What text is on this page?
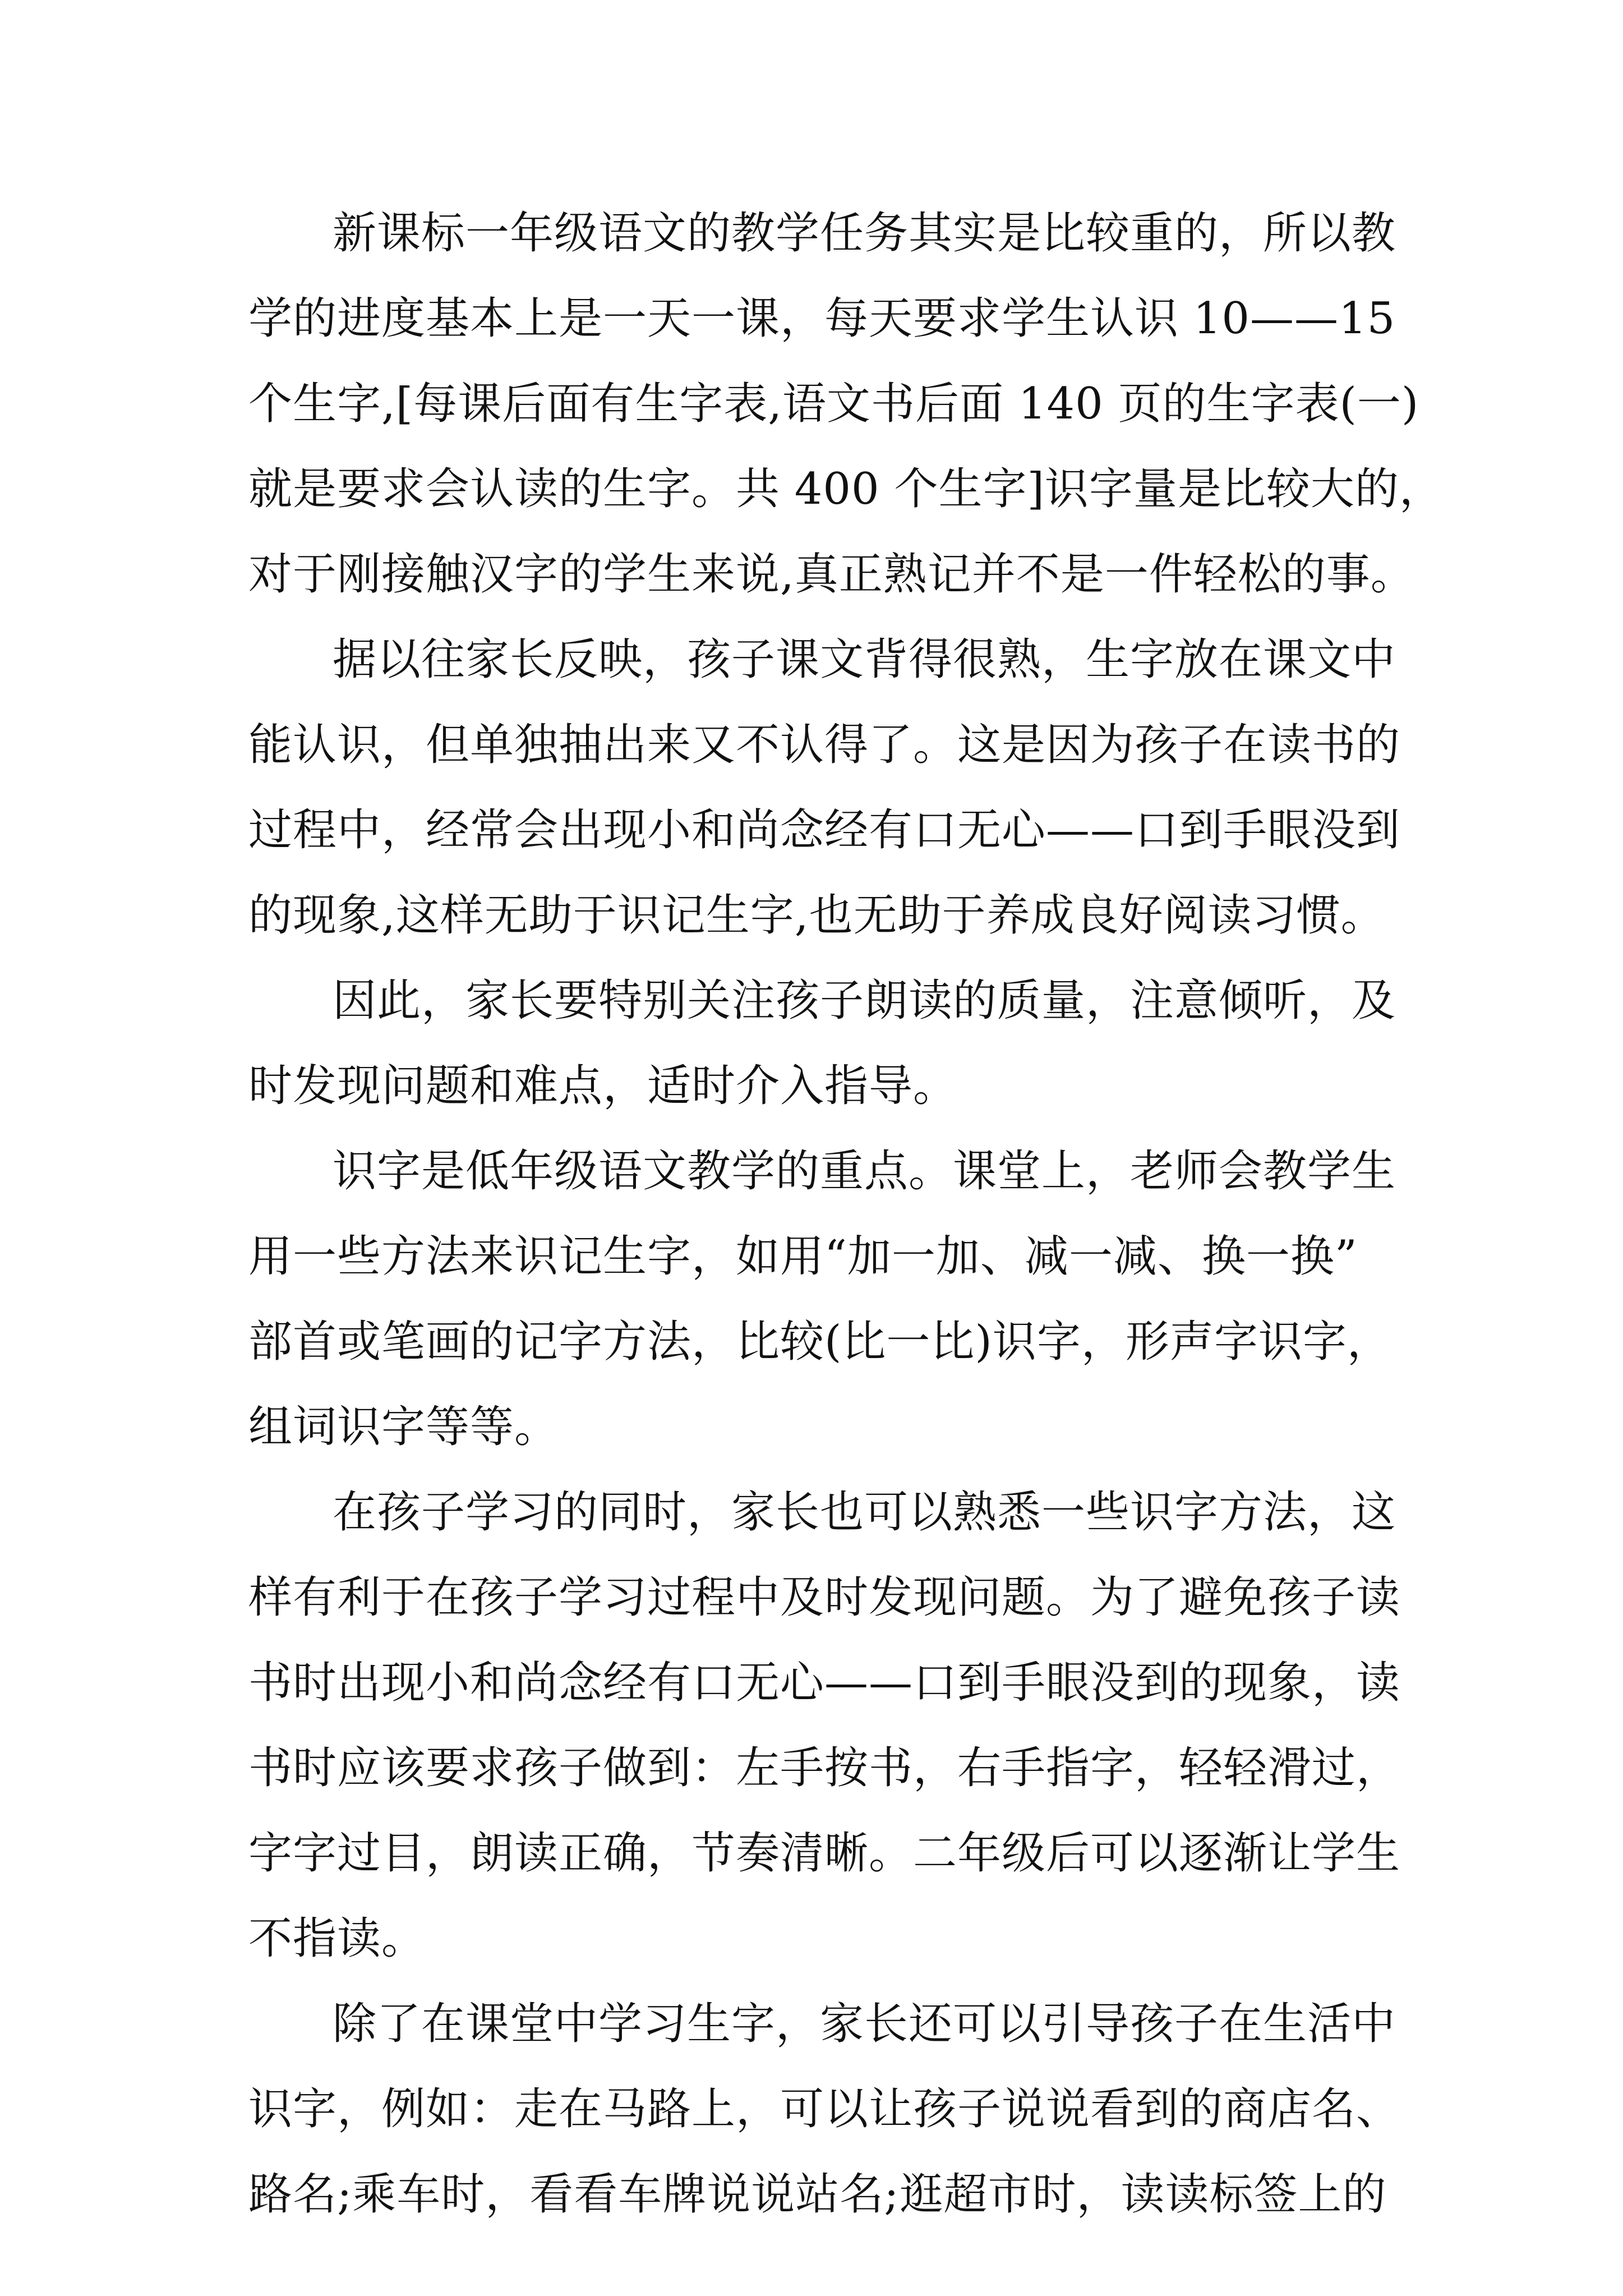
新课标一年级语文的教学任务其实是比较重的，所以教
学的进度基本上是一天一课，每天要求学生认识 10——15
个生字,[每课后面有生字表,语文书后面 140 页的生字表(一)
就是要求会认读的生字。共 400 个生字]识字量是比较大的，
对于刚接触汉字的学生来说,真正熟记并不是一件轻松的事。
据以往家长反映，孩子课文背得很熟，生字放在课文中
能认识，但单独抽出来又不认得了。这是因为孩子在读书的
过程中，经常会出现小和尚念经有口无心——口到手眼没到
的现象,这样无助于识记生字,也无助于养成良好阅读习惯。
因此，家长要特别关注孩子朗读的质量，注意倾听，及
时发现问题和难点，适时介入指导。
识字是低年级语文教学的重点。课堂上，老师会教学生
用一些方法来识记生字，如用“加一加、减一减、换一换”
部首或笔画的记字方法，比较(比一比)识字，形声字识字，
组词识字等等。
在孩子学习的同时，家长也可以熟悉一些识字方法，这
样有利于在孩子学习过程中及时发现问题。为了避免孩子读
书时出现小和尚念经有口无心——口到手眼没到的现象，读
书时应该要求孩子做到：左手按书，右手指字，轻轻滑过，
字字过目，朗读正确，节奏清晰。二年级后可以逐渐让学生
不指读。
除了在课堂中学习生字，家长还可以引导孩子在生活中
识字，例如：走在马路上，可以让孩子说说看到的商店名、
路名;乘车时，看看车牌说说站名;逛超市时，读读标签上的
